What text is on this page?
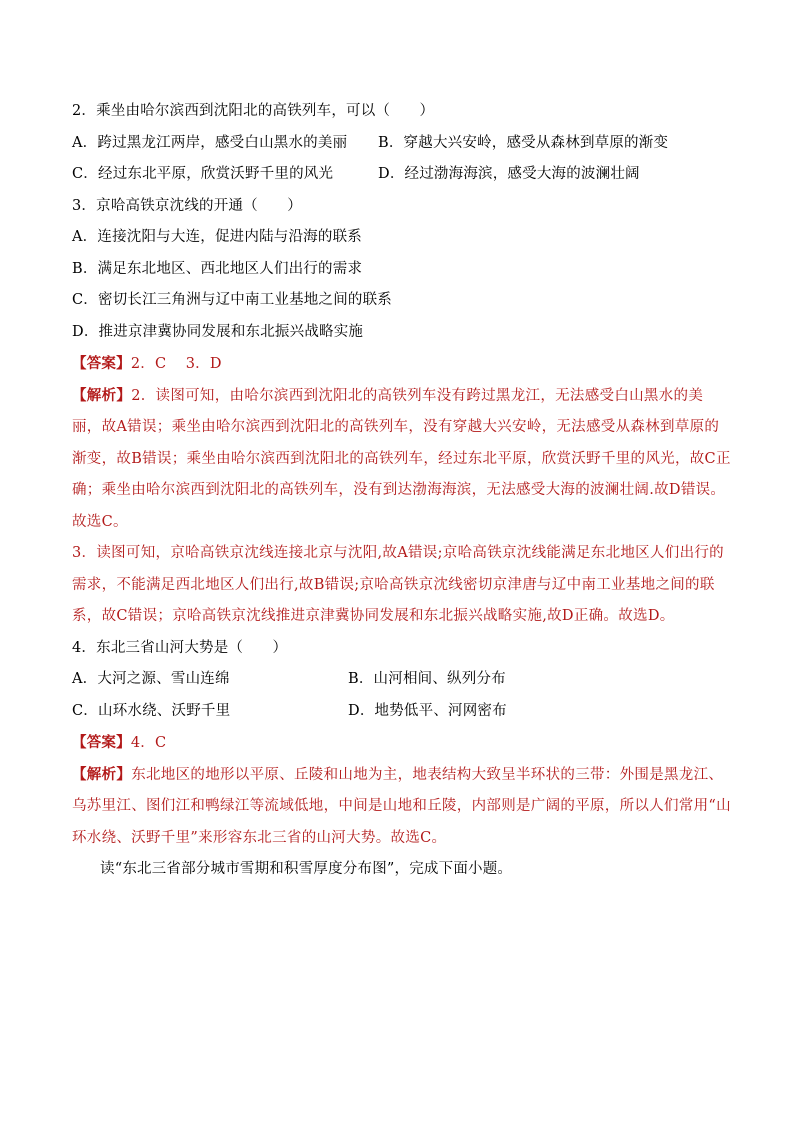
2．乘坐由哈尔滨西到沈阳北的高铁列车，可以（　　）
A．跨过黑龙江两岸，感受白山黑水的美丽	B．穿越大兴安岭，感受从森林到草原的渐变
C．经过东北平原，欣赏沃野千里的风光	D．经过渤海海滨，感受大海的波澜壮阔
3．京哈高铁京沈线的开通（　　）
A．连接沈阳与大连，促进内陆与沿海的联系
B．满足东北地区、西北地区人们出行的需求
C．密切长江三角洲与辽中南工业基地之间的联系
D．推进京津冀协同发展和东北振兴战略实施
【答案】2．C　 3．D
【解析】2．读图可知，由哈尔滨西到沈阳北的高铁列车没有跨过黑龙江，无法感受白山黑水的美丽，故A错误；乘坐由哈尔滨西到沈阳北的高铁列车，没有穿越大兴安岭，无法感受从森林到草原的渐变，故B错误；乘坐由哈尔滨西到沈阳北的高铁列车，经过东北平原，欣赏沃野千里的风光，故C正确；乘坐由哈尔滨西到沈阳北的高铁列车，没有到达渤海海滨，无法感受大海的波澜壮阔.故D错误。故选C。
3．读图可知，京哈高铁京沈线连接北京与沈阳,故A错误;京哈高铁京沈线能满足东北地区人们出行的需求，不能满足西北地区人们出行,故B错误;京哈高铁京沈线密切京津唐与辽中南工业基地之间的联系，故C错误；京哈高铁京沈线推进京津冀协同发展和东北振兴战略实施,故D正确。故选D。
4．东北三省山河大势是（　　）
A．大河之源、雪山连绵	B．山河相间、纵列分布
C．山环水绕、沃野千里	D．地势低平、河网密布
【答案】4．C
【解析】东北地区的地形以平原、丘陵和山地为主，地表结构大致呈半环状的三带：外围是黑龙江、乌苏里江、图们江和鸭绿江等流域低地，中间是山地和丘陵，内部则是广阔的平原，所以人们常用“山环水绕、沃野千里”来形容东北三省的山河大势。故选C。
读“东北三省部分城市雪期和积雪厚度分布图”，完成下面小题。
